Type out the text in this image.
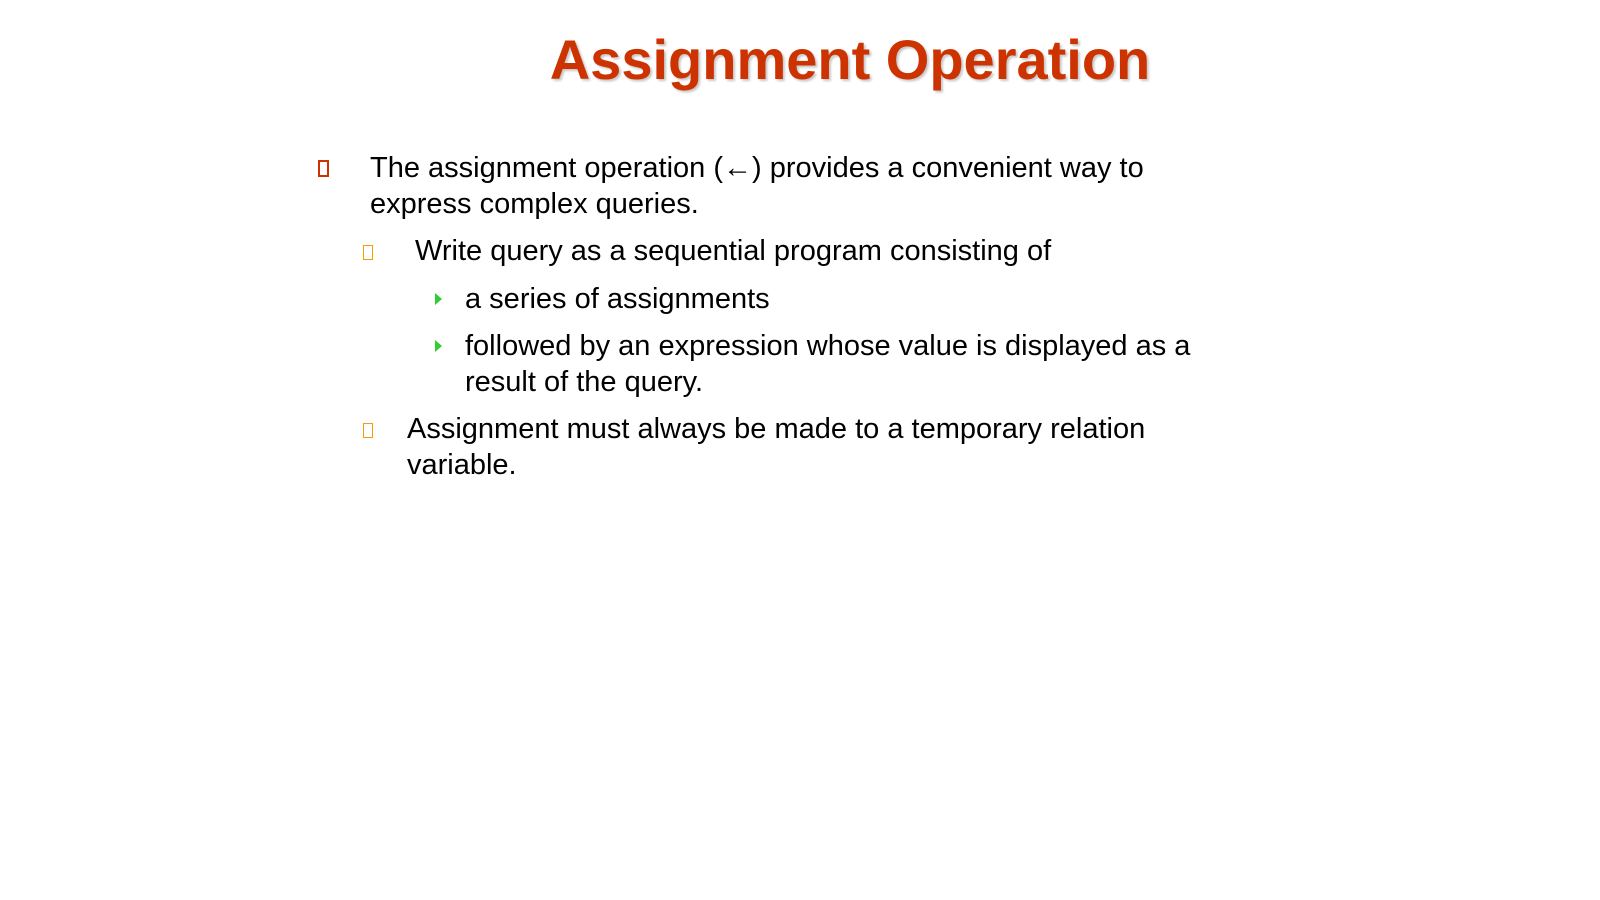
Assignment Operation
The assignment operation (←) provides a convenient way to express complex queries.
Write query as a sequential program consisting of
a series of assignments
followed by an expression whose value is displayed as a result of the query.
Assignment must always be made to a temporary relation variable.
